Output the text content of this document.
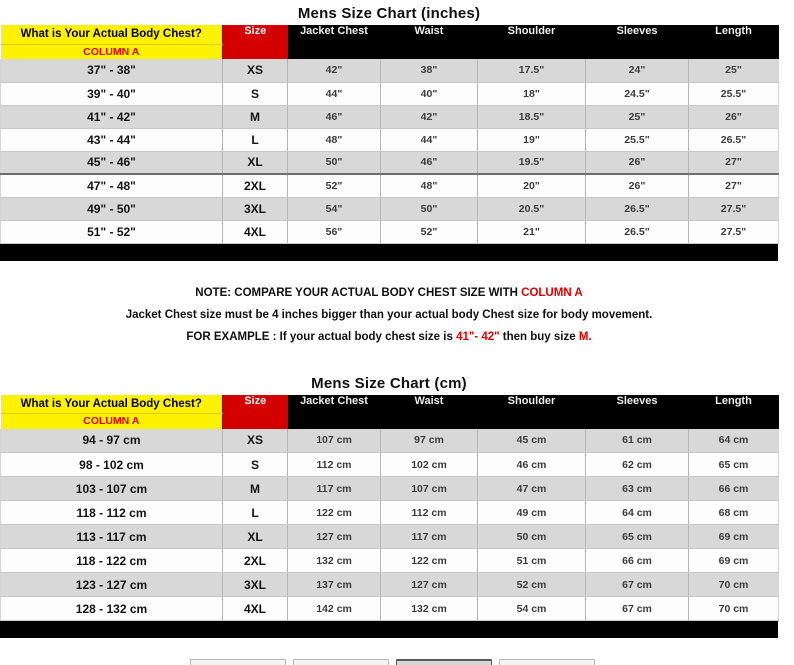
Mens Size Chart (inches)
What is Your Actual Body Chest?	Size	Jacket Chest	Waist	Shoulder	Sleeves	Length
COLUMN A						
37" - 38"	XS	42"	38"	17.5"	24"	25"
39" - 40"	S	44"	40"	18"	24.5"	25.5"
41" - 42"	M	46"	42"	18.5"	25"	26"
43" - 44"	L	48"	44"	19"	25.5"	26.5"
45" - 46"	XL	50"	46"	19.5"	26"	27"
47" - 48"	2XL	52"	48"	20"	26"	27"
49" - 50"	3XL	54"	50"	20.5"	26.5"	27.5"
51" - 52"	4XL	56"	52"	21"	26.5"	27.5"

NOTE: COMPARE YOUR ACTUAL BODY CHEST SIZE WITH COLUMN A

Jacket Chest size must be 4 inches bigger than your actual body Chest size for body movement.

FOR EXAMPLE : If your actual body chest size is 41"- 42" then buy size M.

Mens Size Chart (cm)
What is Your Actual Body Chest?	Size	Jacket Chest	Waist	Shoulder	Sleeves	Length
COLUMN A						
94 - 97 cm	XS	107 cm	97 cm	45 cm	61 cm	64 cm
98 - 102 cm	S	112 cm	102 cm	46 cm	62 cm	65 cm
103 - 107 cm	M	117 cm	107 cm	47 cm	63 cm	66 cm
118 - 112 cm	L	122 cm	112 cm	49 cm	64 cm	68 cm
113 - 117 cm	XL	127 cm	117 cm	50 cm	65 cm	69 cm
118 - 122 cm	2XL	132 cm	122 cm	51 cm	66 cm	69 cm
123 - 127 cm	3XL	137 cm	127 cm	52 cm	67 cm	70 cm
128 - 132 cm	4XL	142 cm	132 cm	54 cm	67 cm	70 cm
